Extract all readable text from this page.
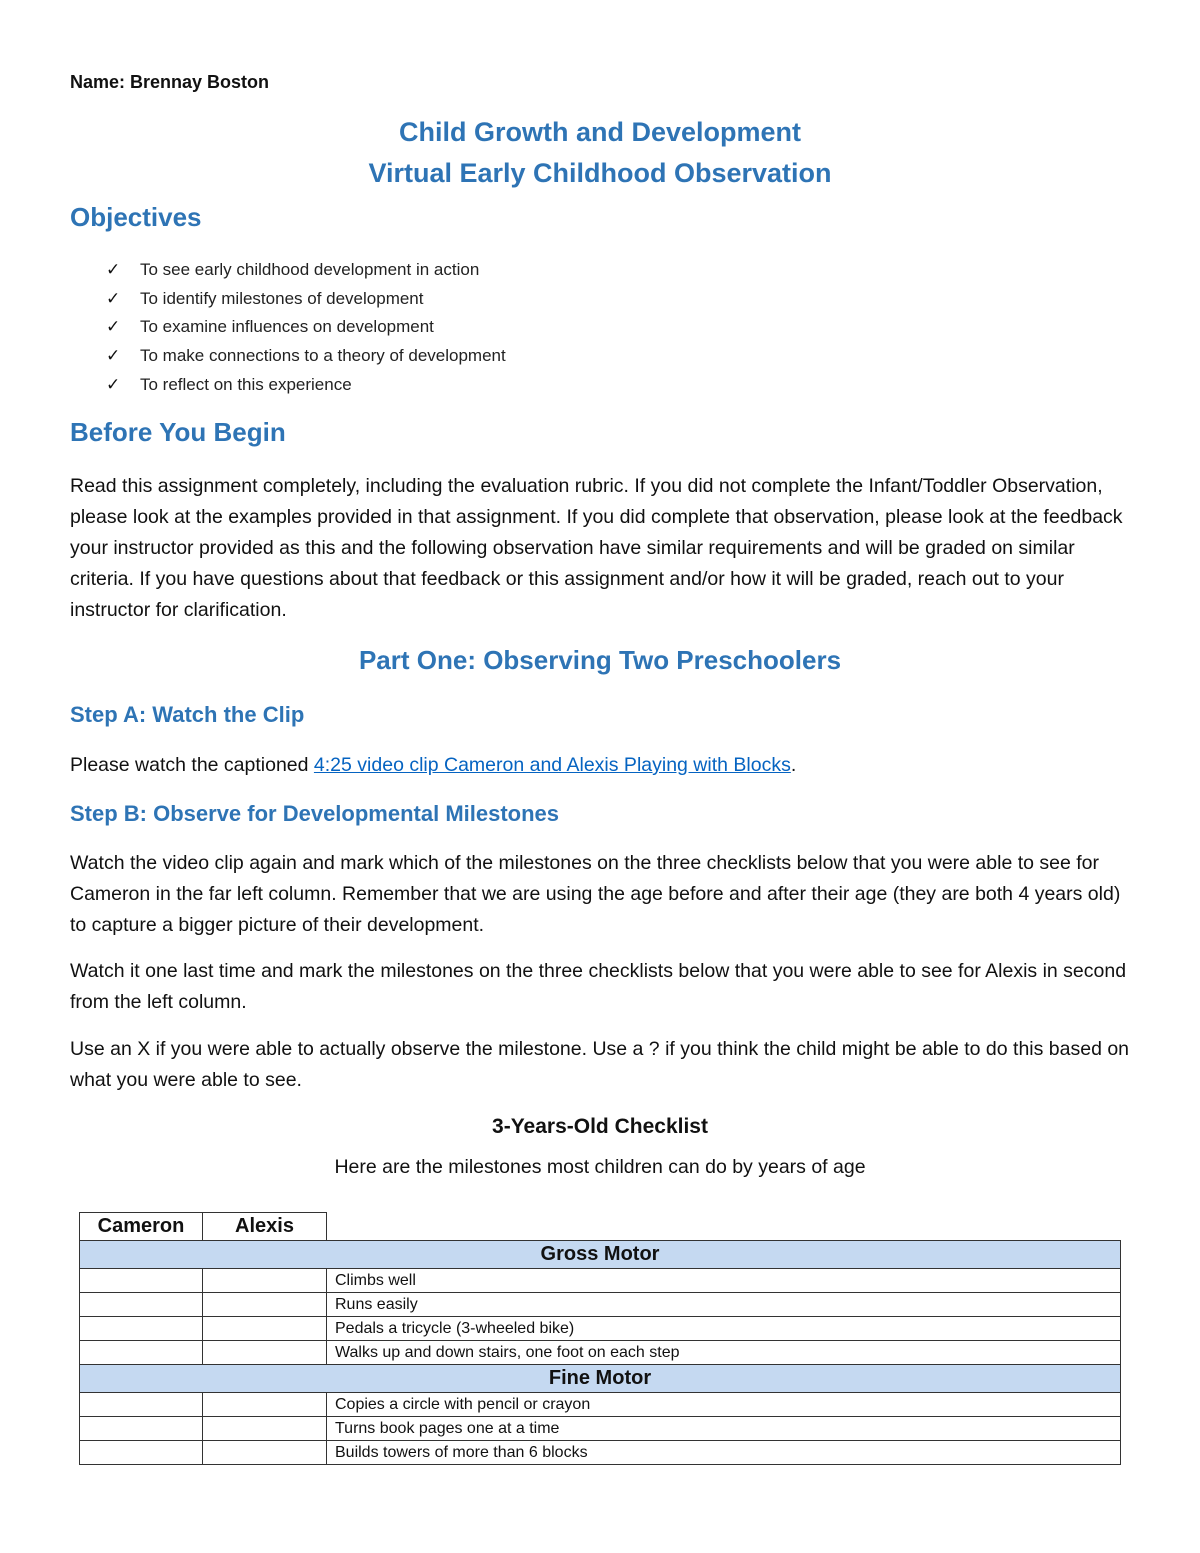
Name: Brennay Boston
Child Growth and Development
Virtual Early Childhood Observation
Objectives
✓	To see early childhood development in action
✓	To identify milestones of development
✓	To examine influences on development
✓	To make connections to a theory of development
✓	To reflect on this experience
Before You Begin
Read this assignment completely, including the evaluation rubric. If you did not complete the Infant/Toddler Observation, please look at the examples provided in that assignment. If you did complete that observation, please look at the feedback your instructor provided as this and the following observation have similar requirements and will be graded on similar criteria. If you have questions about that feedback or this assignment and/or how it will be graded, reach out to your instructor for clarification.
Part One: Observing Two Preschoolers
Step A: Watch the Clip
Please watch the captioned 4:25 video clip Cameron and Alexis Playing with Blocks.
Step B: Observe for Developmental Milestones
Watch the video clip again and mark which of the milestones on the three checklists below that you were able to see for Cameron in the far left column. Remember that we are using the age before and after their age (they are both 4 years old) to capture a bigger picture of their development.
Watch it one last time and mark the milestones on the three checklists below that you were able to see for Alexis in second from the left column.
Use an X if you were able to actually observe the milestone. Use a ? if you think the child might be able to do this based on what you were able to see.
3-Years-Old Checklist
Here are the milestones most children can do by years of age
Cameron	Alexis	
Gross Motor		
		Climbs well
		Runs easily
		Pedals a tricycle (3-wheeled bike)
		Walks up and down stairs, one foot on each step
Fine Motor		
		Copies a circle with pencil or crayon
		Turns book pages one at a time
		Builds towers of more than 6 blocks
